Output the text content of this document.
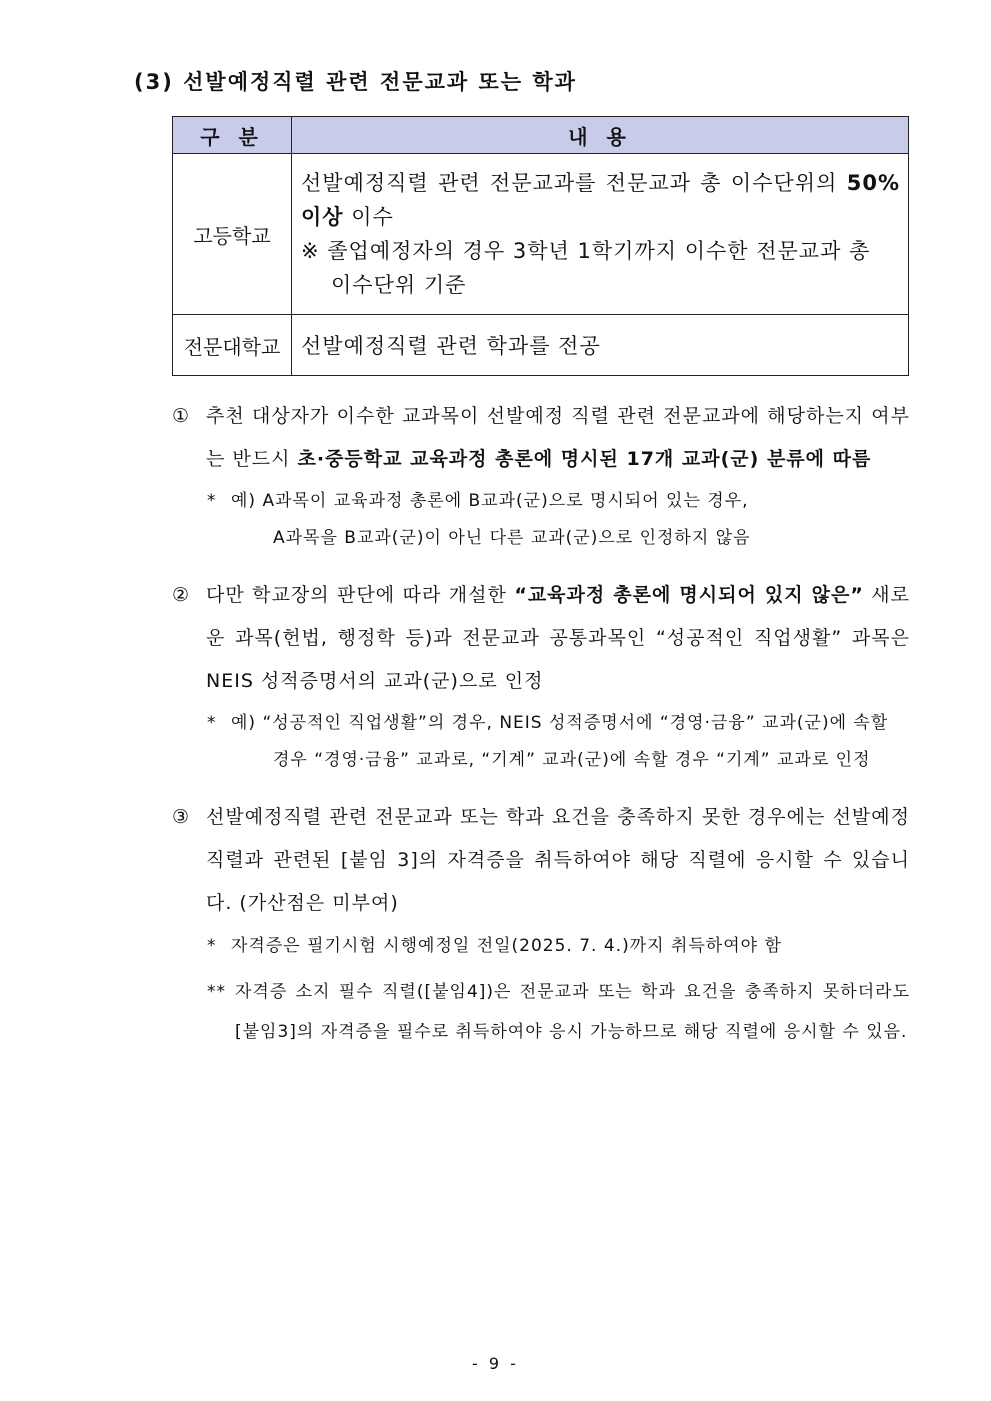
(3) 선발예정직렬 관련 전문교과 또는 학과
구 분	내 용
고등학교	선발예정직렬 관련 전문교과를 전문교과 총 이수단위의 50% 이상 이수
※ 졸업예정자의 경우 3학년 1학기까지 이수한 전문교과 총
이수단위 기준

전문대학교	선발예정직렬 관련 학과를 전공
① 추천 대상자가 이수한 교과목이 선발예정 직렬 관련 전문교과에 해당하는지 여부는 반드시 초·중등학교 교육과정 총론에 명시된 17개 교과(군) 분류에 따름
* 예) A과목이 교육과정 총론에 B교과(군)으로 명시되어 있는 경우,
A과목을 B교과(군)이 아닌 다른 교과(군)으로 인정하지 않음
② 다만 학교장의 판단에 따라 개설한 “교육과정 총론에 명시되어 있지 않은” 새로운 과목(헌법, 행정학 등)과 전문교과 공통과목인 “성공적인 직업생활” 과목은 NEIS 성적증명서의 교과(군)으로 인정
* 예) “성공적인 직업생활”의 경우, NEIS 성적증명서에 “경영·금융” 교과(군)에 속할
경우 “경영·금융” 교과로, “기계” 교과(군)에 속할 경우 “기계” 교과로 인정
③ 선발예정직렬 관련 전문교과 또는 학과 요건을 충족하지 못한 경우에는 선발예정직렬과 관련된 [붙임 3]의 자격증을 취득하여야 해당 직렬에 응시할 수 있습니다. (가산점은 미부여)
* 자격증은 필기시험 시행예정일 전일(2025. 7. 4.)까지 취득하여야 함
** 자격증 소지 필수 직렬([붙임4])은 전문교과 또는 학과 요건을 충족하지 못하더라도 [붙임3]의 자격증을 필수로 취득하여야 응시 가능하므로 해당 직렬에 응시할 수 있음.
- 9 -
